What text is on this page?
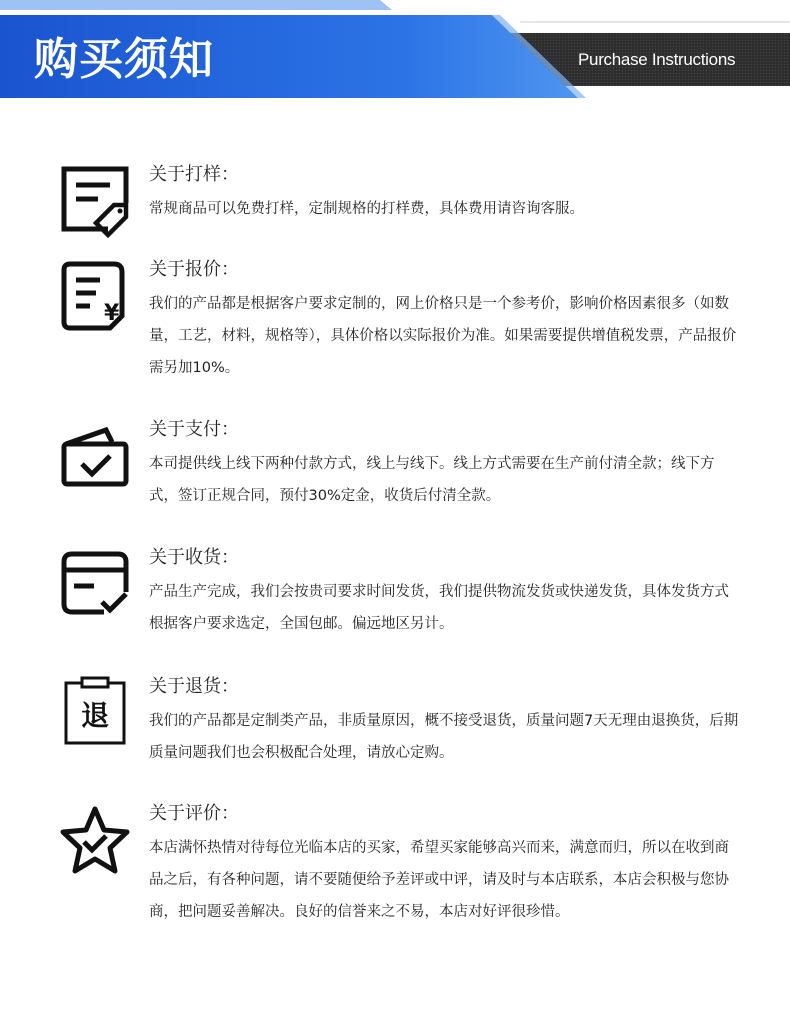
购买须知	Purchase Instructions

关于打样：

常规商品可以免费打样，定制规格的打样费，具体费用请咨询客服。

¥
关于报价：

我们的产品都是根据客户要求定制的，网上价格只是一个参考价，影响价格因素很多（如数量，工艺，材料，规格等），具体价格以实际报价为准。如果需要提供增值税发票，产品报价需另加10%。

关于支付：

本司提供线上线下两种付款方式，线上与线下。线上方式需要在生产前付清全款；线下方式，签订正规合同，预付30%定金，收货后付清全款。

关于收货：

产品生产完成，我们会按贵司要求时间发货，我们提供物流发货或快递发货，具体发货方式根据客户要求选定，全国包邮。偏远地区另计。

退
关于退货：

我们的产品都是定制类产品，非质量原因，概不接受退货，质量问题7天无理由退换货，后期质量问题我们也会积极配合处理，请放心定购。

关于评价：

本店满怀热情对待每位光临本店的买家，希望买家能够高兴而来，满意而归，所以在收到商品之后，有各种问题，请不要随便给予差评或中评，请及时与本店联系，本店会积极与您协商，把问题妥善解决。良好的信誉来之不易，本店对好评很珍惜。
